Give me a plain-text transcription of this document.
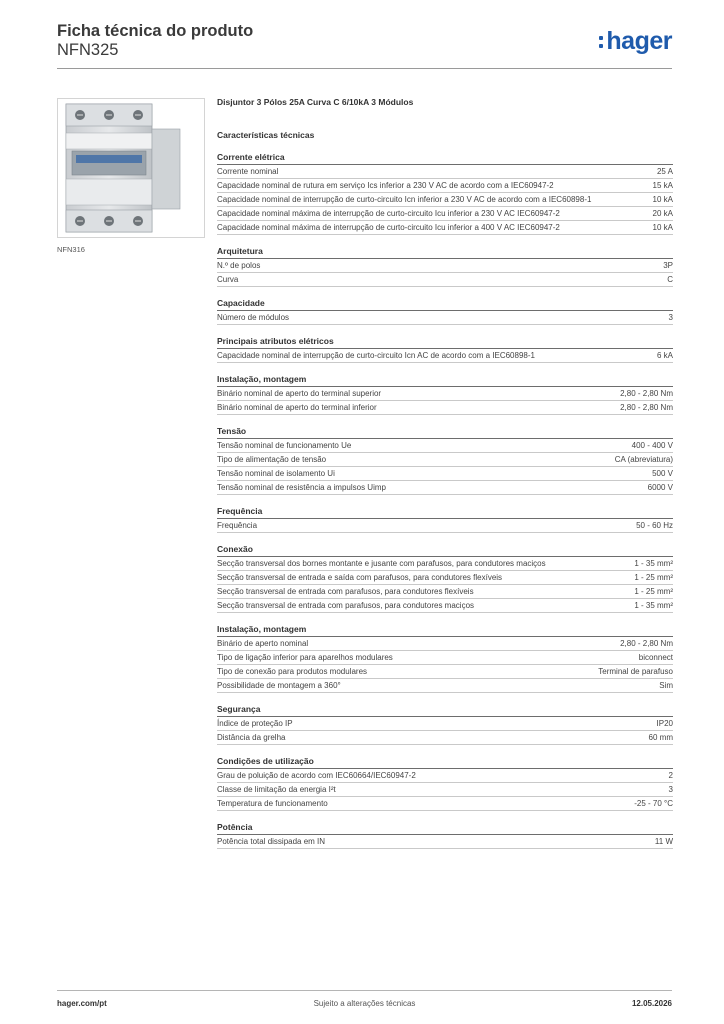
Ficha técnica do produto
NFN325	hager
NFN316
Disjuntor 3 Pólos 25A Curva C 6/10kA 3 Módulos
Características técnicas
Corrente elétrica
Corrente nominal	25 A
Capacidade nominal de rutura em serviço Ics inferior a 230 V AC de acordo com a IEC60947-2	15 kA
Capacidade nominal de interrupção de curto-circuito Icn inferior a 230 V AC de acordo com a IEC60898-1	10 kA
Capacidade nominal máxima de interrupção de curto-circuito Icu inferior a 230 V AC IEC60947-2	20 kA
Capacidade nominal máxima de interrupção de curto-circuito Icu inferior a 400 V AC IEC60947-2	10 kA
Arquitetura
N.º de polos	3P
Curva	C
Capacidade
Número de módulos	3
Principais atributos elétricos
Capacidade nominal de interrupção de curto-circuito Icn AC de acordo com a IEC60898-1	6 kA
Instalação, montagem
Binário nominal de aperto do terminal superior	2,80 - 2,80 Nm
Binário nominal de aperto do terminal inferior	2,80 - 2,80 Nm
Tensão
Tensão nominal de funcionamento Ue	400 - 400 V
Tipo de alimentação de tensão	CA (abreviatura)
Tensão nominal de isolamento Ui	500 V
Tensão nominal de resistência a impulsos Uimp	6000 V
Frequência
Frequência	50 - 60 Hz
Conexão
Secção transversal dos bornes montante e jusante com parafusos, para condutores maciços	1 - 35 mm²
Secção transversal de entrada e saída com parafusos, para condutores flexíveis	1 - 25 mm²
Secção transversal de entrada com parafusos, para condutores flexíveis	1 - 25 mm²
Secção transversal de entrada com parafusos, para condutores maciços	1 - 35 mm²
Instalação, montagem
Binário de aperto nominal	2,80 - 2,80 Nm
Tipo de ligação inferior para aparelhos modulares	biconnect
Tipo de conexão para produtos modulares	Terminal de parafuso
Possibilidade de montagem a 360°	Sim
Segurança
Índice de proteção IP	IP20
Distância da grelha	60 mm
Condições de utilização
Grau de poluição de acordo com IEC60664/IEC60947-2	2
Classe de limitação da energia I²t	3
Temperatura de funcionamento	-25 - 70 °C
Potência
Potência total dissipada em IN	11 W
hager.com/pt	Sujeito a alterações técnicas	12.05.2026
